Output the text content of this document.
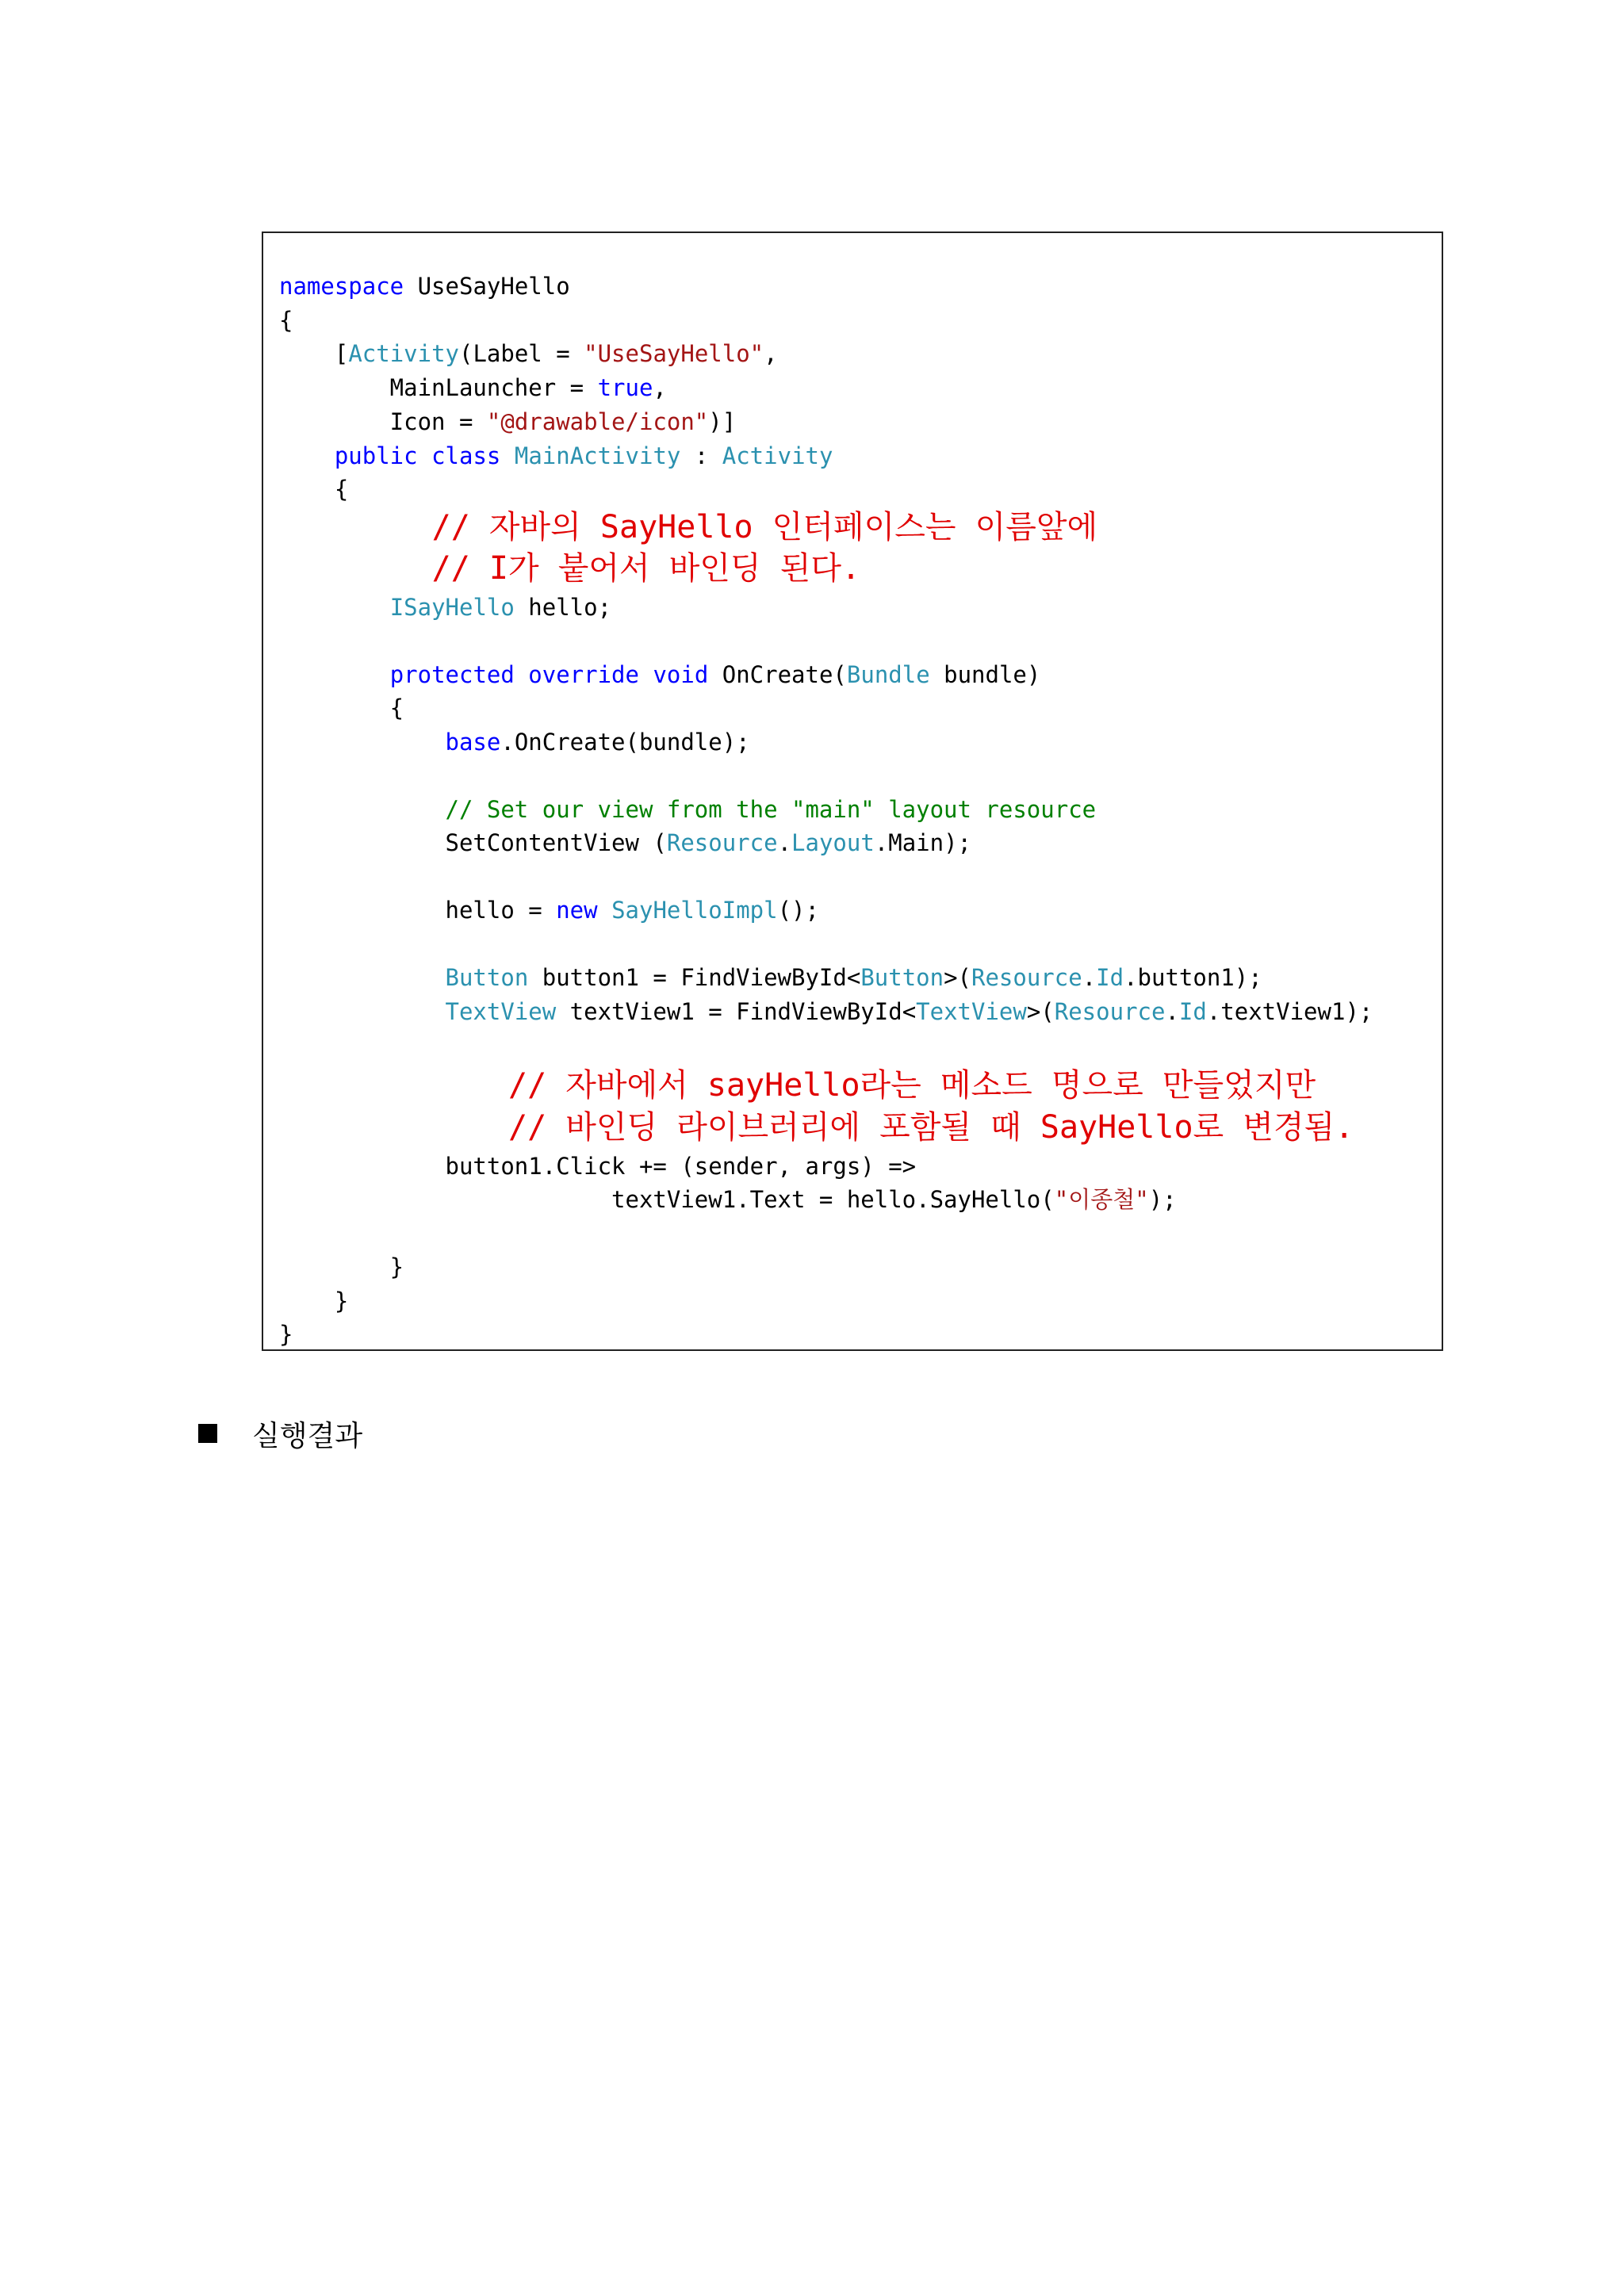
namespace UseSayHello
{
[Activity(Label = "UseSayHello",
MainLauncher = true,
Icon = "@drawable/icon")]
public class MainActivity : Activity
{
// 자바의 SayHello 인터페이스는 이름앞에
// I가 붙어서 바인딩 된다.
ISayHello hello;
protected override void OnCreate(Bundle bundle)
{
base.OnCreate(bundle);
// Set our view from the "main" layout resource
SetContentView (Resource.Layout.Main);
hello = new SayHelloImpl();
Button button1 = FindViewById<Button>(Resource.Id.button1);
TextView textView1 = FindViewById<TextView>(Resource.Id.textView1);
// 자바에서 sayHello라는 메소드 명으로 만들었지만
// 바인딩 라이브러리에 포함될 때 SayHello로 변경됨.
button1.Click += (sender, args) =>
textView1.Text = hello.SayHello("이종철");
}
}
}
실행결과
